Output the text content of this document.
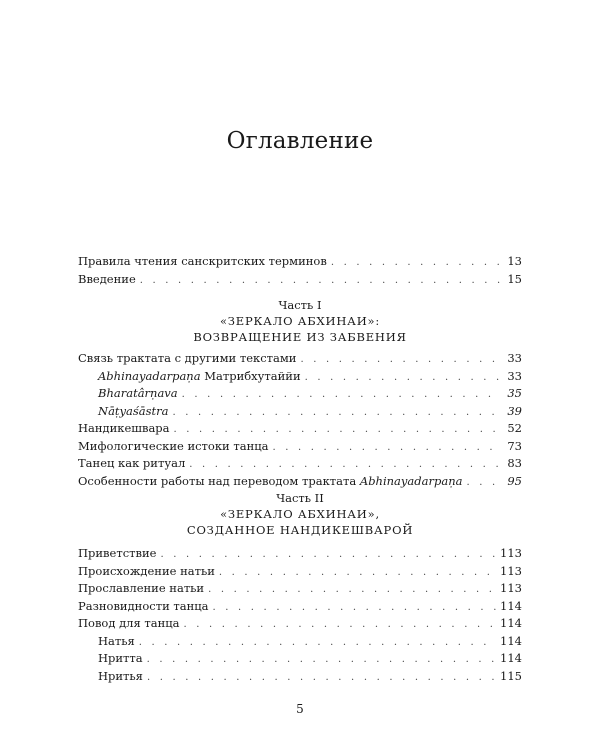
Оглавление
Правила чтения санскритских терминов . . .	13
Введение . . .	15
Часть I
«ЗЕРКАЛО АБХИНАИ»:
ВОЗВРАЩЕНИЕ ИЗ ЗАБВЕНИЯ
Связь трактата с другими текстами . . .	33
Abhinayadarpaṇa Матрибхутаййи . . .	33
Bharatârṇava . . .	35
Nāṭyaśāstra . . .	39
Нандикешвара . . .	52
Мифологические истоки танца . . .	73
Танец как ритуал . . .	83
Особенности работы над переводом трактата Abhinayadarpaṇa . . .	95
Часть II
«ЗЕРКАЛО АБХИНАИ»,
СОЗДАННОЕ НАНДИКЕШВАРОЙ
Приветствие . . .	113
Происхождение натьи . . .	113
Прославление натьи . . .	113
Разновидности танца . . .	114
Повод для танца . . .	114
Натья . . .	114
Нритта . . .	114
Нритья . . .	115
5
